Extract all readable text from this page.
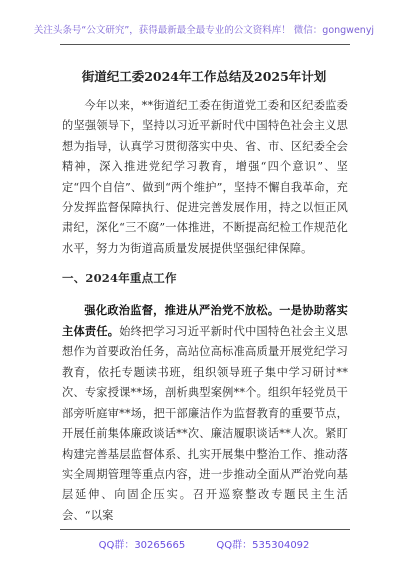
关注头条号“公文研究”，获得最新最全最专业的公文资料库！ 微信：gongwenyj
街道纪工委2024年工作总结及2025年计划

今年以来，**街道纪工委在街道党工委和区纪委监委的坚强领导下，坚持以习近平新时代中国特色社会主义思想为指导，认真学习贯彻落实中央、省、市、区纪委全会精神，深入推进党纪学习教育，增强“四个意识”、坚定“四个自信”、做到“两个维护”，坚持不懈自我革命，充分发挥监督保障执行、促进完善发展作用，持之以恒正风肃纪，深化“三不腐”一体推进，不断提高纪检工作规范化水平，努力为街道高质量发展提供坚强纪律保障。

一、2024年重点工作

强化政治监督，推进从严治党不放松。一是协助落实主体责任。始终把学习习近平新时代中国特色社会主义思想作为首要政治任务，高站位高标准高质量开展党纪学习教育，依托专题读书班，组织领导班子集中学习研讨**次、专家授课**场，剖析典型案例**个。组织年轻党员干部旁听庭审**场，把干部廉洁作为监督教育的重要节点，开展任前集体廉政谈话**次、廉洁履职谈话**人次。紧盯构建完善基层监督体系、扎实开展集中整治工作、推动落实全周期管理等重点内容，进一步推动全面从严治党向基层延伸、向固企压实。召开巡察整改专题民主生活会、“以案

QQ群：30265665	QQ群：535304092
